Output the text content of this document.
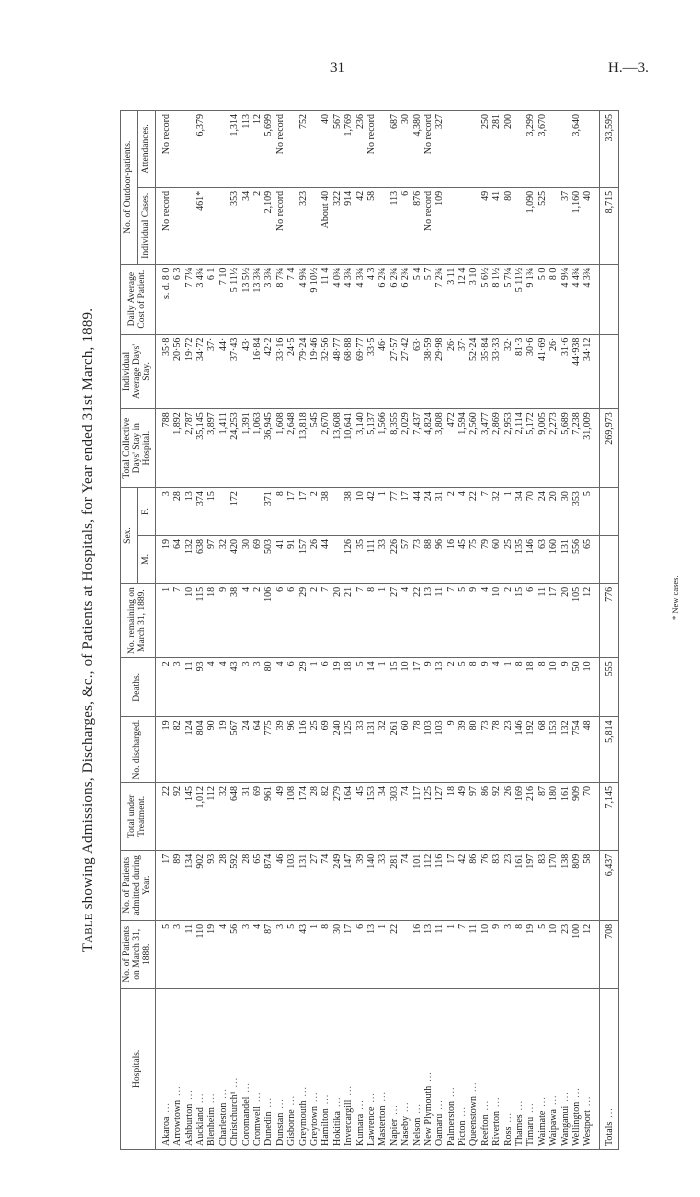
31	H.—3.
Table showing Admissions, Discharges, &c., of Patients at Hospitals, for Year ended 31st March, 1889.
Hospitals.	No. of Patients on March 31, 1888.	No. of Patients admitted during Year.	Total under Treatment.	No. discharged.	Deaths.	No. remaining on March 31, 1889.	Sex.		Total Collective Days' Stay in Hospital.	Individual Average Days' Stay.	Daily Average Cost of Patient.	No. of Outdoor-patients.	
							M.	F.				Individual Cases.	Attendances.
Akaroa...	5	17	22	19	2	1	19	3	788	35·8	s. d. 8 0	No record	No record
Arrowtown...	3	89	92	82	3	7	64	28	1,892	20·56	6 3		
Ashburton...	11	134	145	124	11	10	132	13	2,787	19·72	7 7¼		
Auckland...	110	902	1,012	804	93	115	638	374	35,145	34·72	3 4¾	461*	6,379
Blenheim...	19	93	112	90	4	18	97	15	3,897	37·	6 1		
Charleston...	4	28	32	19	4	9	32		1,411	44·	7 10		
Christchurch¹...	56	592	648	567	43	38	420	172	24,253	37·43	5 11½	353	1,314
Coromandel...	3	28	31	24	3	4	30		1,391	43·	13 5½	34	113
Cromwell...	4	65	69	64	3	2	69		1,063	16·84	13 3¾	2	12
Dunedin...	87	874	961	775	80	106	503	371	36,945	42·2	3 3¾	2,109	5,699
Dunstan...	3	46	49	39	4	6	41	8	1,608	33·16	8 7¾	No record	No record
Gisborne...	5	103	108	96	6	6	91	17	2,648	24·5	7 4		
Greymouth...	43	131	174	116	29	29	157	17	13,818	79·24	4 9¾	323	752
Greytown...	1	27	28	25	1	2	26	2	545	19·46	9 10½		
Hamilton...	8	74	82	69	6	7	44	38	2,670	32·56	11 4	About 40	40
Hokitika...	30	249	279	240	19	20			13,608	48·77	4 0¾	322	567
Invercargill...	17	147	164	125	18	21	126	38	10,641	68·88	4 3¾	914	1,769
Kumara...	6	39	45	33	5	7	35	10	3,140	69·77	4 3¾	42	236
Lawrence...	13	140	153	131	14	8	111	42	5,137	33·5	4 3	58	No record
Masterton...	1	33	34	32	1	1	33	1	1,566	46·	6 2¾		
Napier...	22	281	303	261	15	27	226	77	8,355	27·57	6 2¾	113	687
Naseby...		74	74	60	10	4	57	17	2,029	27·42	6 2¾	6	30
Nelson...	16	101	117	78	17	22	73	44	7,437	63·	5 4	876	4,380
New Plymouth...	13	112	125	103	9	13	88	24	4,824	38·59	5 7	No record	No record
Oamaru...	11	116	127	103	13	11	96	31	3,808	29·98	7 2¾	109	327
Palmerston...	1	17	18	9	2	7	16	2	472	26·	3 11		
Picton...	7	42	49	39	5	5	45	4	1,594	37·	12 4		
Queenstown...	11	86	97	80	8	9	75	22	2,560	52·24	3 10		
Reefton...	10	76	86	73	9	4	79	7	3,477	35·84	5 6½	49	250
Riverton...	9	83	92	78	4	10	60	32	2,869	33·33	8 1½	41	281
Ross...	3	23	26	23	1	2	25	1	2,953	32·	5 7¼	80	200
Thames...	8	161	169	146	8	15	135	34	2,114	81·3	5 11½		
Timaru...	19	197	216	192	18	6	146	70	5,172	30·6	9 1¾	1,090	3,299
Waimate...	5	83	87	68	8	11	63	24	9,005	41·69	5 0	525	3,670
Waipawa...	10	170	180	153	10	17	160	20	2,273	26·	8 0		
Wanganui...	23	138	161	132	9	20	131	30	5,689	31·6	4 9¼	37	
Wellington...	100	809	909	754	50	105	556	353	7,238	44·938	4 4¾	1,160	3,640
Westport...	12	58	70	48	10	12	65	5	31,009	34·12	4 3¾	40	
Totals...	708	6,437	7,145	5,814	555	776			269,973			8,715	33,595
* New cases.
